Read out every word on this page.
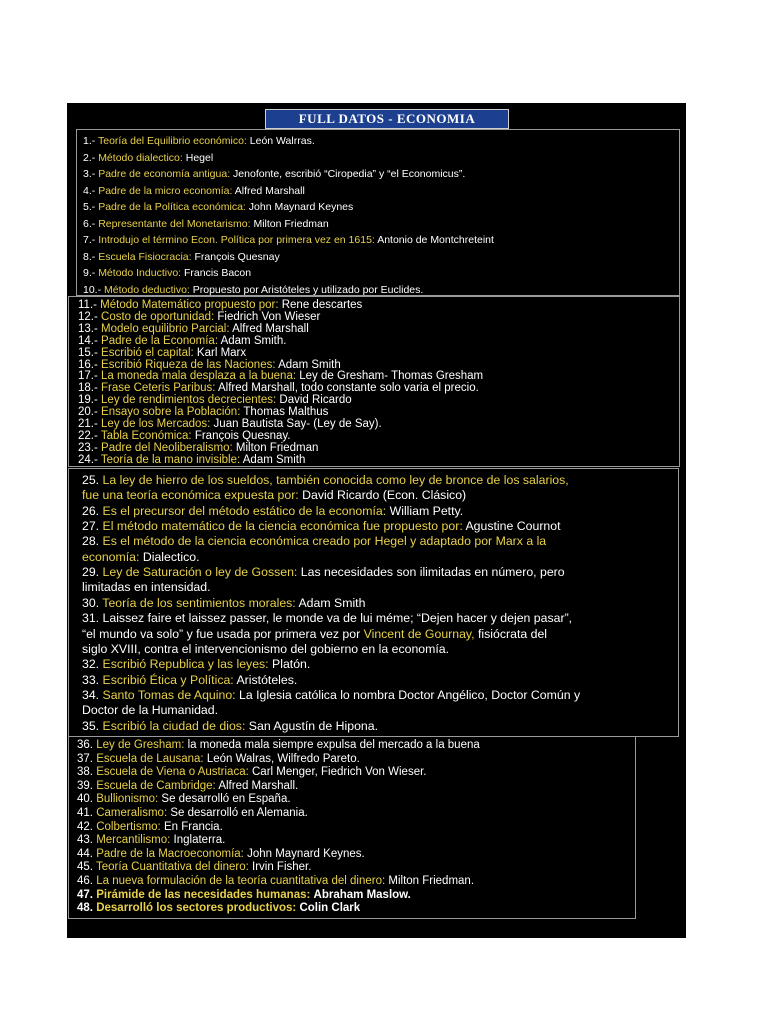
FULL DATOS - ECONOMIA
1.- Teoría del Equilibrio económico: León Walrras.
2.- Método dialectico: Hegel
3.- Padre de economía antigua: Jenofonte, escribió “Ciropedia” y “el Economicus”.
4.- Padre de la micro economía: Alfred Marshall
5.- Padre de la Política económica: John Maynard Keynes
6.- Representante del Monetarismo: Milton Friedman
7.- Introdujo el término Econ. Política por primera vez en 1615: Antonio de Montchreteint
8.- Escuela Fisiocracia: François Quesnay
9.- Método Inductivo: Francis Bacon
10.- Método deductivo: Propuesto por Aristóteles y utilizado por Euclides.
11.- Método Matemático propuesto por: Rene descartes
12.- Costo de oportunidad: Fiedrich Von Wieser
13.- Modelo equilibrio Parcial: Alfred Marshall
14.- Padre de la Economía: Adam Smith.
15.- Escribió el capital: Karl Marx
16.- Escribió Riqueza de las Naciones: Adam Smith
17.- La moneda mala desplaza a la buena: Ley de Gresham- Thomas Gresham
18.- Frase Ceteris Paribus: Alfred Marshall, todo constante solo varia el precio.
19.- Ley de rendimientos decrecientes: David Ricardo
20.- Ensayo sobre la Población: Thomas Malthus
21.- Ley de los Mercados: Juan Bautista Say- (Ley de Say).
22.- Tabla Económica: François Quesnay.
23.- Padre del Neoliberalismo: Milton Friedman
24.- Teoría de la mano invisible: Adam Smith
25. La ley de hierro de los sueldos, también conocida como ley de bronce de los salarios,
fue una teoría económica expuesta por: David Ricardo (Econ. Clásico)
26. Es el precursor del método estático de la economía: William Petty.
27. El método matemático de la ciencia económica fue propuesto por: Agustine Cournot
28. Es el método de la ciencia económica creado por Hegel y adaptado por Marx a la
economía: Dialectico.
29. Ley de Saturación o ley de Gossen: Las necesidades son ilimitadas en número, pero
limitadas en intensidad.
30. Teoría de los sentimientos morales: Adam Smith
31. Laissez faire et laissez passer, le monde va de lui méme; “Dejen hacer y dejen pasar”,
“el mundo va solo” y fue usada por primera vez por Vincent de Gournay, fisiócrata del
siglo XVIII, contra el intervencionismo del gobierno en la economía.
32. Escribió Republica y las leyes: Platón.
33. Escribió Ética y Política: Aristóteles.
34. Santo Tomas de Aquino: La Iglesia católica lo nombra Doctor Angélico, Doctor Común y
Doctor de la Humanidad.
35. Escribió la ciudad de dios: San Agustín de Hipona.
36. Ley de Gresham: la moneda mala siempre expulsa del mercado a la buena
37. Escuela de Lausana: León Walras, Wilfredo Pareto.
38. Escuela de Viena o Austriaca: Carl Menger, Fiedrich Von Wieser.
39. Escuela de Cambridge: Alfred Marshall.
40. Bullionismo: Se desarrolló en España.
41. Cameralismo: Se desarrolló en Alemania.
42. Colbertismo: En Francia.
43. Mercantilismo: Inglaterra.
44. Padre de la Macroeconomía: John Maynard Keynes.
45. Teoría Cuantitativa del dinero: Irvin Fisher.
46. La nueva formulación de la teoría cuantitativa del dinero: Milton Friedman.
47. Pirámide de las necesidades humanas: Abraham Maslow.
48. Desarrolló los sectores productivos: Colin Clark
